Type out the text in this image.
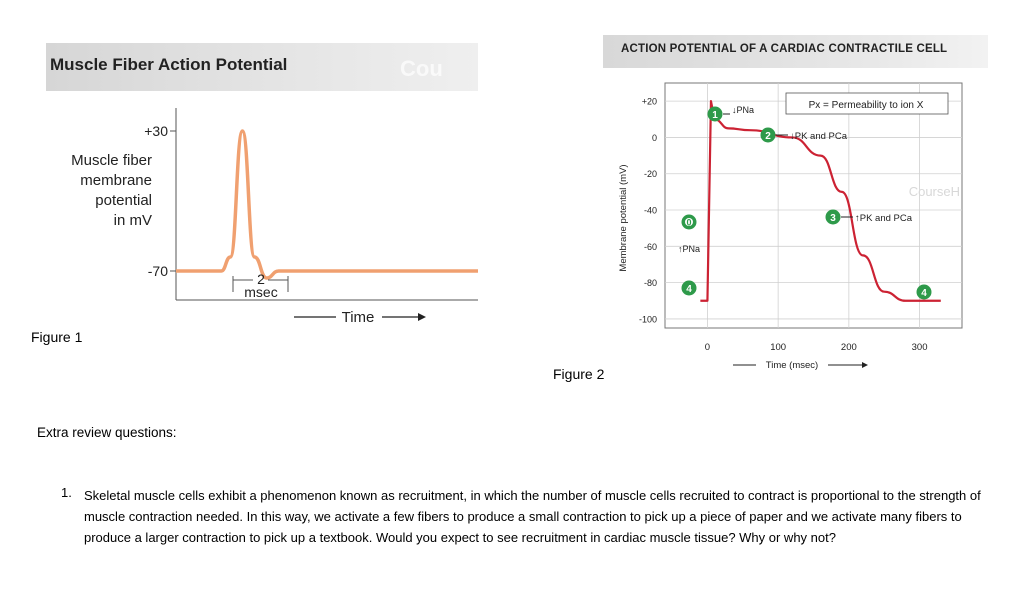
Muscle Fiber Action Potential	Cou
Muscle fiber
membrane
potential
in mV
+30
-70	2
msec
Time
Figure 1
ACTION POTENTIAL OF A CARDIAC CONTRACTILE CELL
+20
0
-20
-40
-60
-80
-100
0	100	200	300
Membrane potential (mV)
Time (msec)
CourseH
Px = Permeability to ion X
1 ↓PNa
2 ↓PK and PCa
3 ↑PK and PCa
0
↑PNa
4	4
Figure 2
Extra review questions:
1. Skeletal muscle cells exhibit a phenomenon known as recruitment, in which the number of muscle cells recruited to contract is proportional to the strength of muscle contraction needed. In this way, we activate a few fibers to produce a small contraction to pick up a piece of paper and we activate many fibers to produce a larger contraction to pick up a textbook. Would you expect to see recruitment in cardiac muscle tissue? Why or why not?
